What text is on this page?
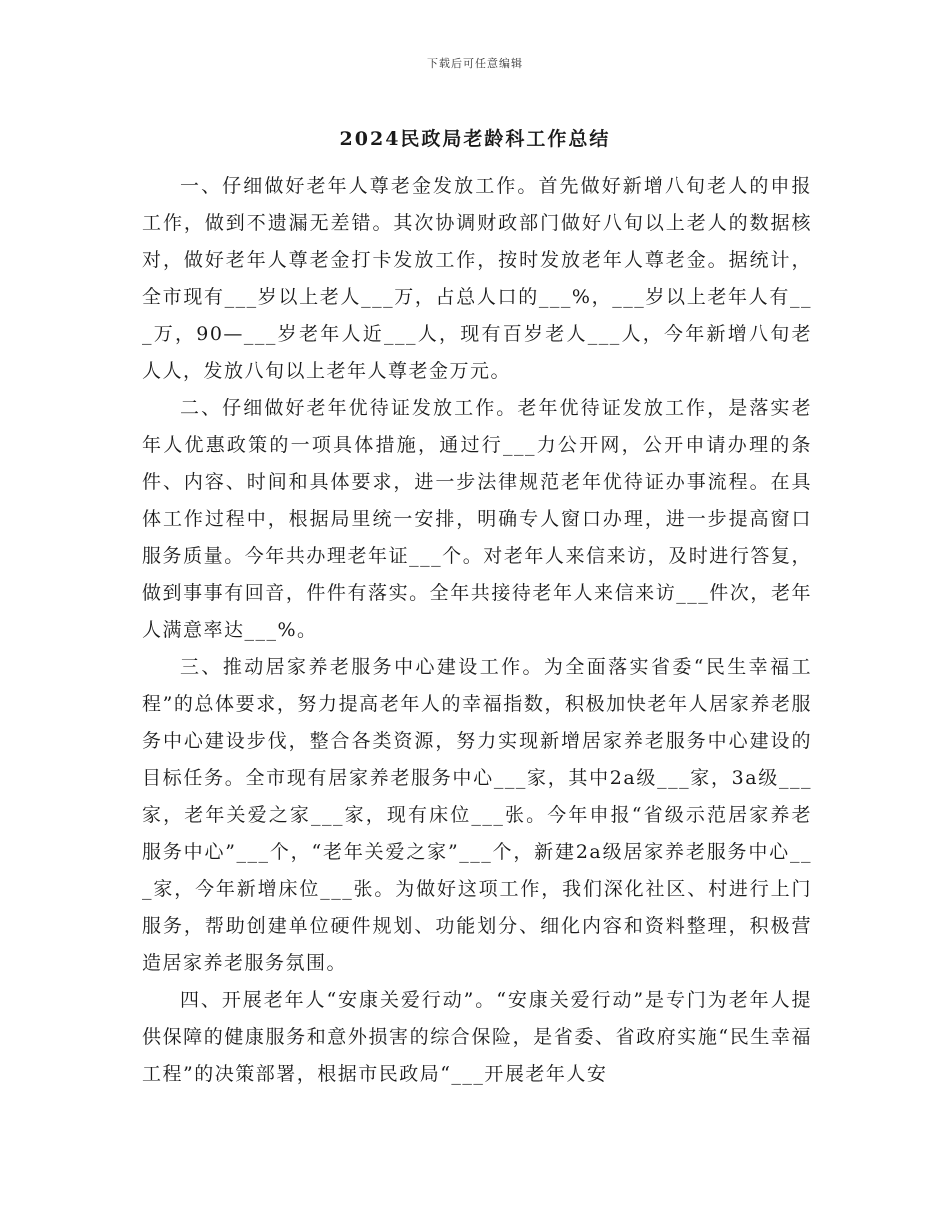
下载后可任意编辑
2024民政局老龄科工作总结

一、仔细做好老年人尊老金发放工作。首先做好新增八旬老人的申报工作，做到不遗漏无差错。其次协调财政部门做好八旬以上老人的数据核对，做好老年人尊老金打卡发放工作，按时发放老年人尊老金。据统计，全市现有___岁以上老人___万，占总人口的___%，___岁以上老年人有___万，90—___岁老年人近___人，现有百岁老人___人，今年新增八旬老人人，发放八旬以上老年人尊老金万元。

二、仔细做好老年优待证发放工作。老年优待证发放工作，是落实老年人优惠政策的一项具体措施，通过行___力公开网，公开申请办理的条件、内容、时间和具体要求，进一步法律规范老年优待证办事流程。在具体工作过程中，根据局里统一安排，明确专人窗口办理，进一步提高窗口服务质量。今年共办理老年证___个。对老年人来信来访，及时进行答复，做到事事有回音，件件有落实。全年共接待老年人来信来访___件次，老年人满意率达___%。

三、推动居家养老服务中心建设工作。为全面落实省委“民生幸福工程”的总体要求，努力提高老年人的幸福指数，积极加快老年人居家养老服务中心建设步伐，整合各类资源，努力实现新增居家养老服务中心建设的目标任务。全市现有居家养老服务中心___家，其中2a级___家，3a级___家，老年关爱之家___家，现有床位___张。今年申报“省级示范居家养老服务中心”___个，“老年关爱之家”___个，新建2a级居家养老服务中心___家，今年新增床位___张。为做好这项工作，我们深化社区、村进行上门服务，帮助创建单位硬件规划、功能划分、细化内容和资料整理，积极营造居家养老服务氛围。

四、开展老年人“安康关爱行动”。“安康关爱行动”是专门为老年人提供保障的健康服务和意外损害的综合保险，是省委、省政府实施“民生幸福工程”的决策部署，根据市民政局“___开展老年人安
